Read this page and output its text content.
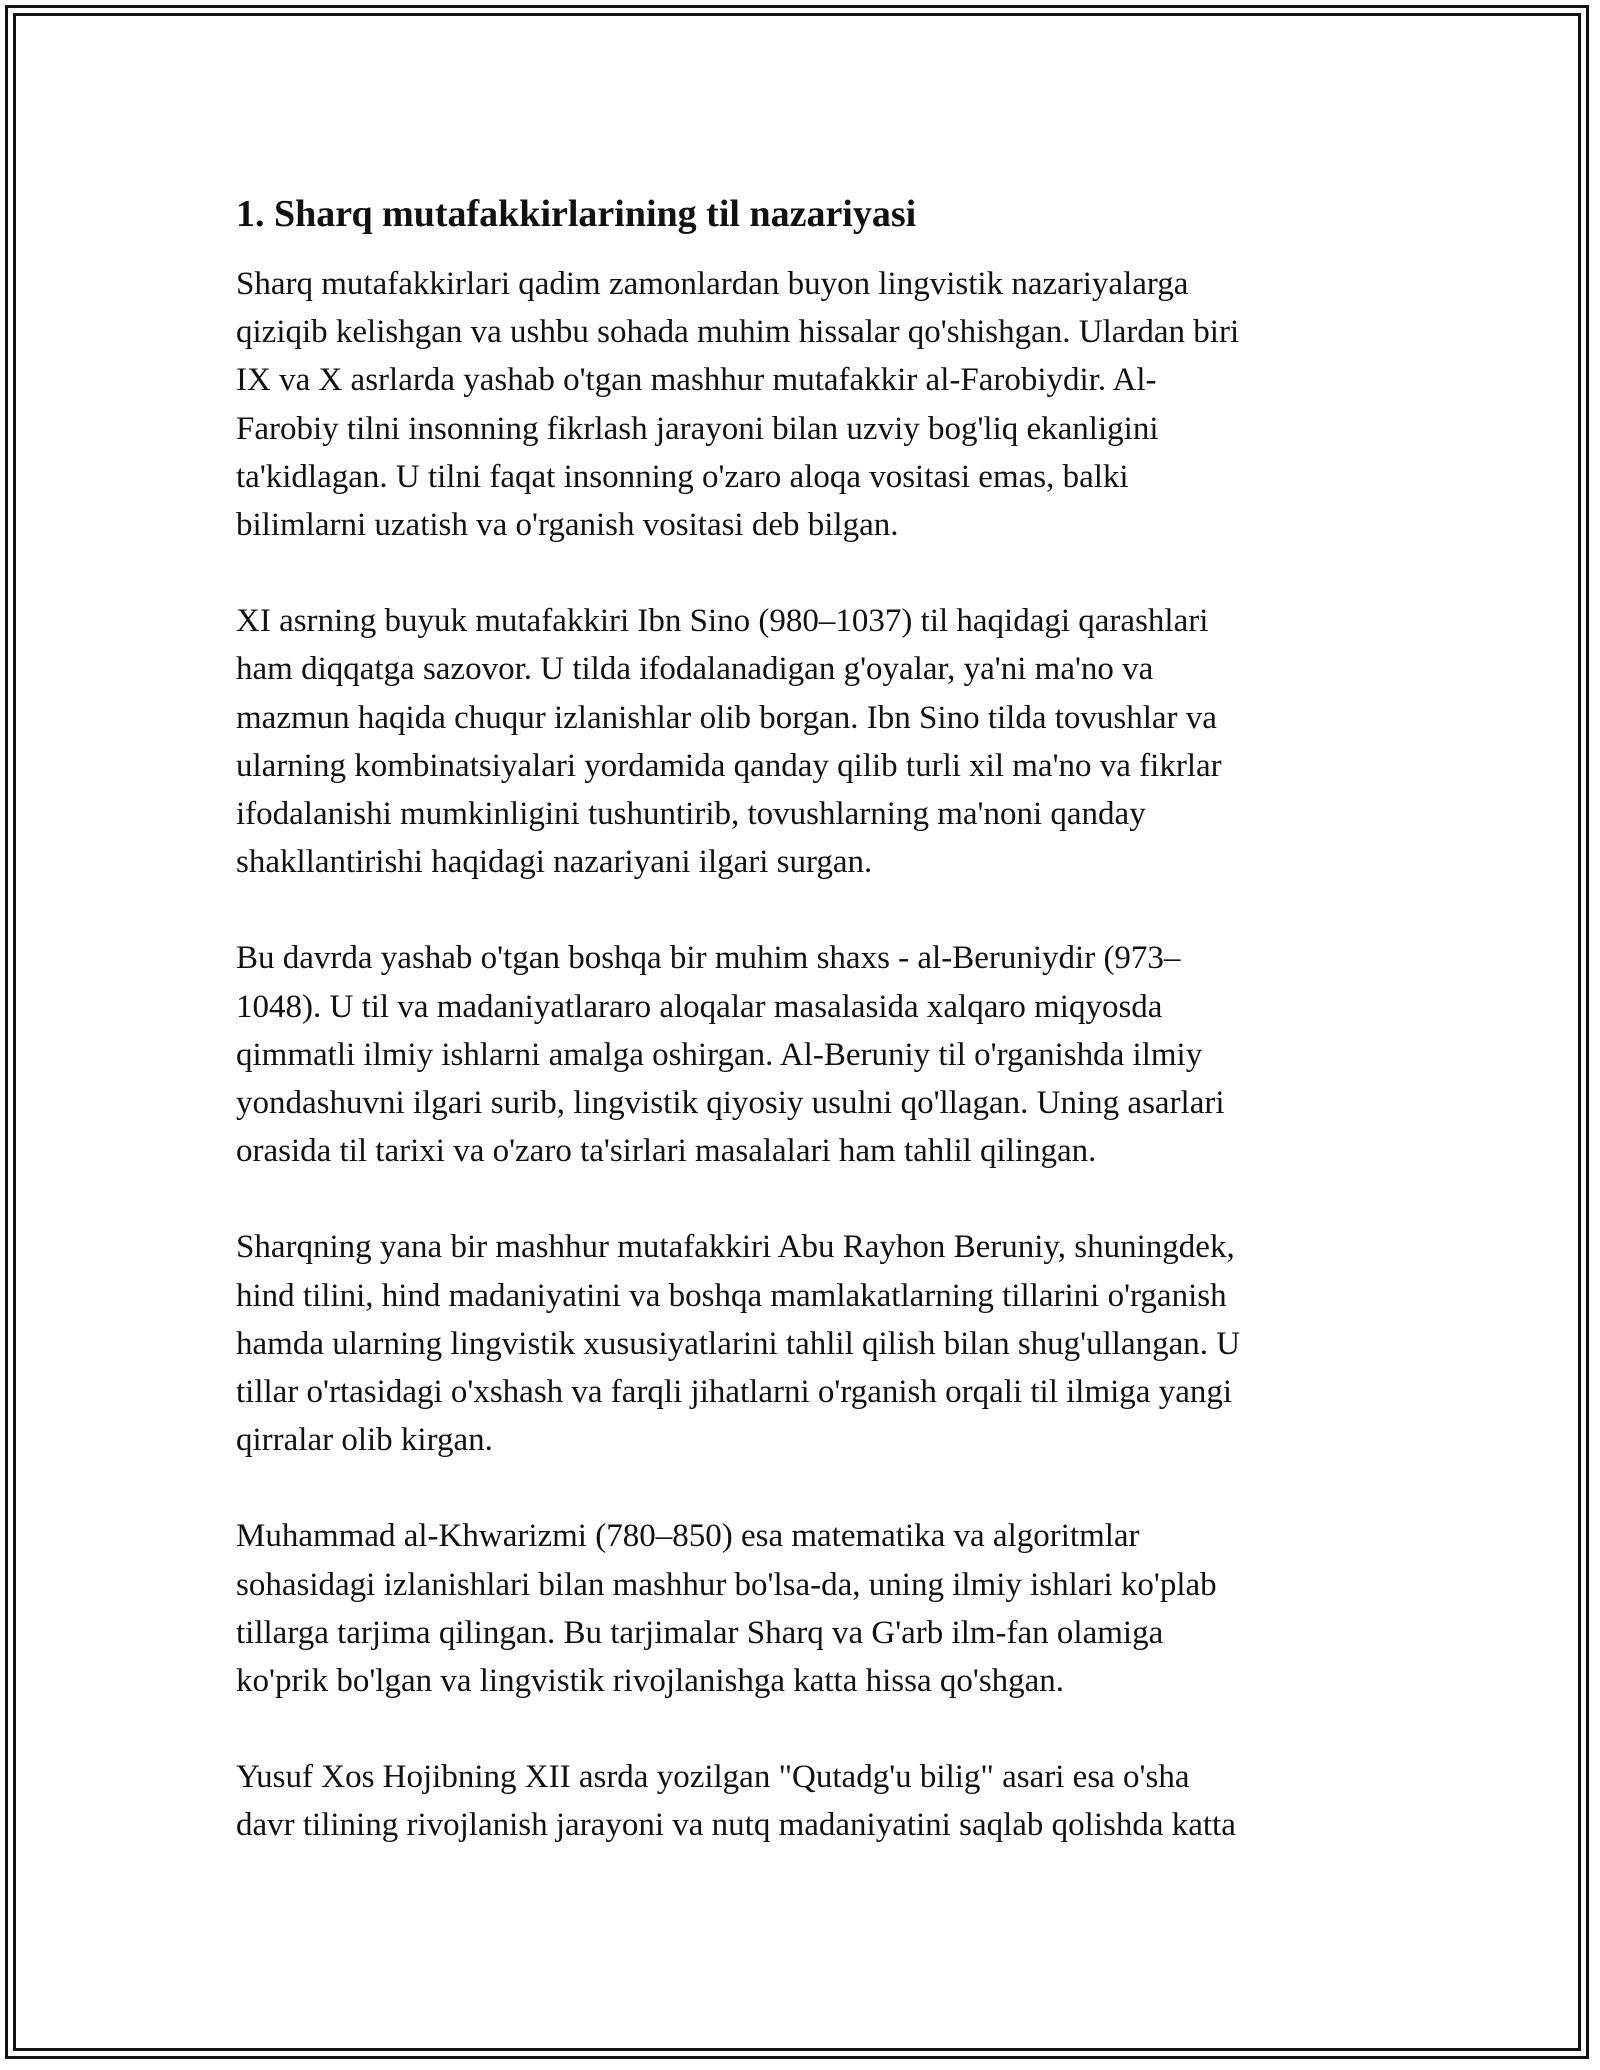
1. Sharq mutafakkirlarining til nazariyasi

Sharq mutafakkirlari qadim zamonlardan buyon lingvistik nazariyalarga
qiziqib kelishgan va ushbu sohada muhim hissalar qo'shishgan. Ulardan biri
IX va X asrlarda yashab o'tgan mashhur mutafakkir al-Farobiydir. Al-
Farobiy tilni insonning fikrlash jarayoni bilan uzviy bog'liq ekanligini
ta'kidlagan. U tilni faqat insonning o'zaro aloqa vositasi emas, balki
bilimlarni uzatish va o'rganish vositasi deb bilgan.

XI asrning buyuk mutafakkiri Ibn Sino (980–1037) til haqidagi qarashlari
ham diqqatga sazovor. U tilda ifodalanadigan g'oyalar, ya'ni ma'no va
mazmun haqida chuqur izlanishlar olib borgan. Ibn Sino tilda tovushlar va
ularning kombinatsiyalari yordamida qanday qilib turli xil ma'no va fikrlar
ifodalanishi mumkinligini tushuntirib, tovushlarning ma'noni qanday
shakllantirishi haqidagi nazariyani ilgari surgan.

Bu davrda yashab o'tgan boshqa bir muhim shaxs - al-Beruniydir (973–
1048). U til va madaniyatlararo aloqalar masalasida xalqaro miqyosda
qimmatli ilmiy ishlarni amalga oshirgan. Al-Beruniy til o'rganishda ilmiy
yondashuvni ilgari surib, lingvistik qiyosiy usulni qo'llagan. Uning asarlari
orasida til tarixi va o'zaro ta'sirlari masalalari ham tahlil qilingan.

Sharqning yana bir mashhur mutafakkiri Abu Rayhon Beruniy, shuningdek,
hind tilini, hind madaniyatini va boshqa mamlakatlarning tillarini o'rganish
hamda ularning lingvistik xususiyatlarini tahlil qilish bilan shug'ullangan. U
tillar o'rtasidagi o'xshash va farqli jihatlarni o'rganish orqali til ilmiga yangi
qirralar olib kirgan.

Muhammad al-Khwarizmi (780–850) esa matematika va algoritmlar
sohasidagi izlanishlari bilan mashhur bo'lsa-da, uning ilmiy ishlari ko'plab
tillarga tarjima qilingan. Bu tarjimalar Sharq va G'arb ilm-fan olamiga
ko'prik bo'lgan va lingvistik rivojlanishga katta hissa qo'shgan.

Yusuf Xos Hojibning XII asrda yozilgan "Qutadg'u bilig" asari esa o'sha
davr tilining rivojlanish jarayoni va nutq madaniyatini saqlab qolishda katta
